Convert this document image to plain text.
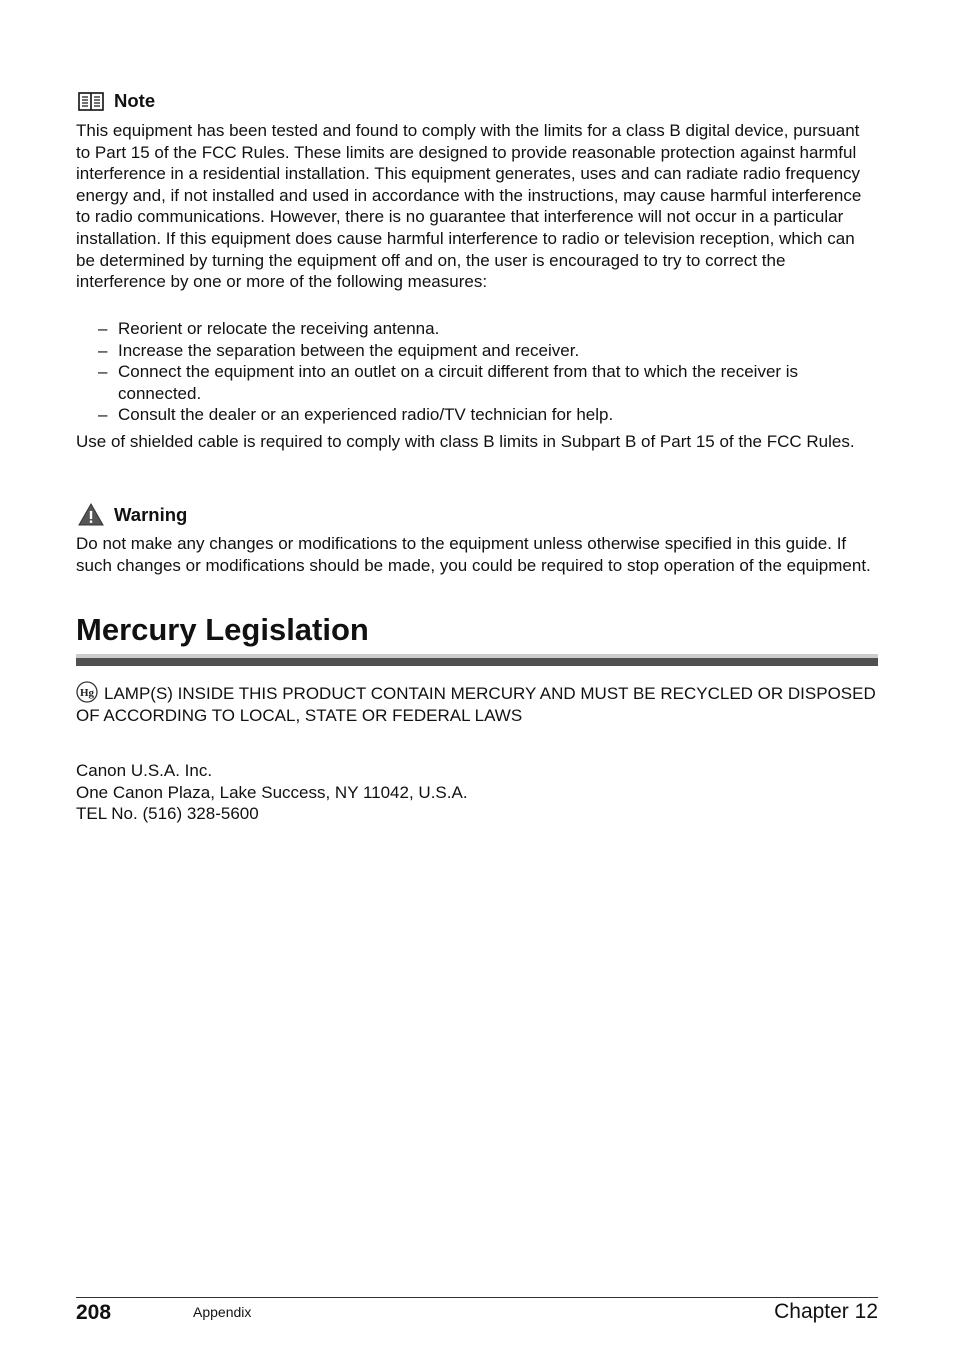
Note

This equipment has been tested and found to comply with the limits for a class B digital device, pursuant to Part 15 of the FCC Rules. These limits are designed to provide reasonable protection against harmful interference in a residential installation. This equipment generates, uses and can radiate radio frequency energy and, if not installed and used in accordance with the instructions, may cause harmful interference to radio communications. However, there is no guarantee that interference will not occur in a particular installation. If this equipment does cause harmful interference to radio or television reception, which can be determined by turning the equipment off and on, the user is encouraged to try to correct the interference by one or more of the following measures:

– Reorient or relocate the receiving antenna.
– Increase the separation between the equipment and receiver.
– Connect the equipment into an outlet on a circuit different from that to which the receiver is connected.
– Consult the dealer or an experienced radio/TV technician for help.

Use of shielded cable is required to comply with class B limits in Subpart B of Part 15 of the FCC Rules.

Warning

Do not make any changes or modifications to the equipment unless otherwise specified in this guide. If such changes or modifications should be made, you could be required to stop operation of the equipment.

Mercury Legislation

Hg LAMP(S) INSIDE THIS PRODUCT CONTAIN MERCURY AND MUST BE RECYCLED OR DISPOSED OF ACCORDING TO LOCAL, STATE OR FEDERAL LAWS

Canon U.S.A. Inc.

One Canon Plaza, Lake Success, NY 11042, U.S.A.

TEL No. (516) 328-5600

208	Appendix	Chapter 12
